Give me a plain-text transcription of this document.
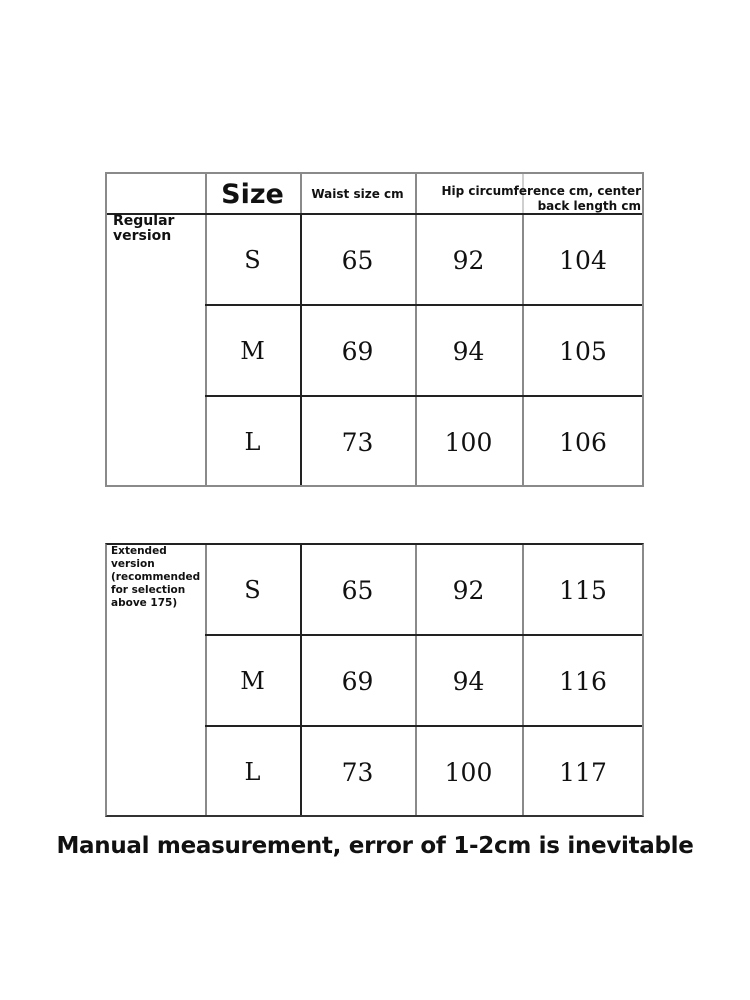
Size	Waist size cm	Hip circumference cm, center
back length cm
Regular
version
S	65	92	104
M	69	94	105
L	73	100	106
Extended
version
(recommended
for selection
above 175)	S	65	92	115
M	69	94	116
L	73	100	117
Manual measurement, error of 1-2cm is inevitable
